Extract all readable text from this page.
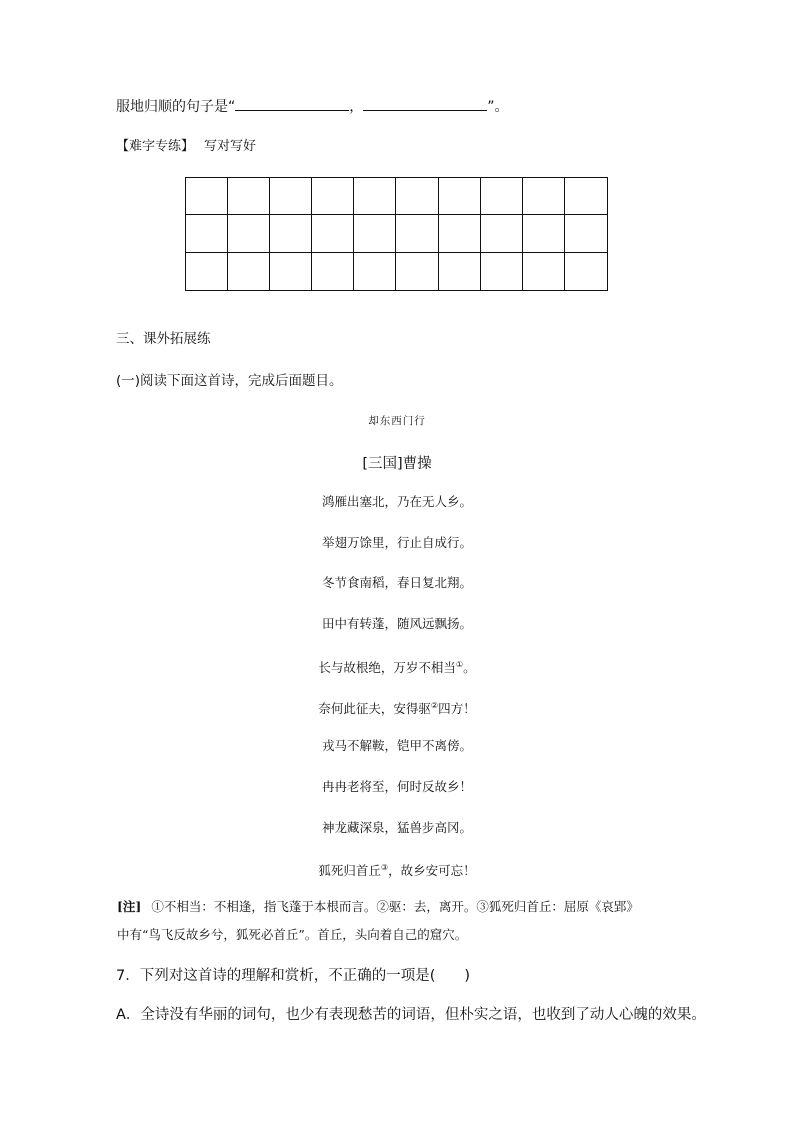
服地归顺的句子是“	，	”。
【难字专练】 写对写好
三、课外拓展练
(一)阅读下面这首诗，完成后面题目。
却东西门行
[三国]曹操
鸿雁出塞北，乃在无人乡。
举翅万馀里，行止自成行。
冬节食南稻，春日复北翔。
田中有转蓬，随风远飘扬。
长与故根绝，万岁不相当①。
奈何此征夫，安得驱②四方！
戎马不解鞍，铠甲不离傍。
冉冉老将至，何时反故乡！
神龙藏深泉，猛兽步高冈。
狐死归首丘③，故乡安可忘！
[注] ①不相当：不相逢，指飞蓬于本根而言。②驱：去，离开。③狐死归首丘：屈原《哀郢》
中有“鸟飞反故乡兮，狐死必首丘”。首丘，头向着自己的窟穴。
7．下列对这首诗的理解和赏析，不正确的一项是(　　)
A．全诗没有华丽的词句，也少有表现愁苦的词语，但朴实之语，也收到了动人心魄的效果。
